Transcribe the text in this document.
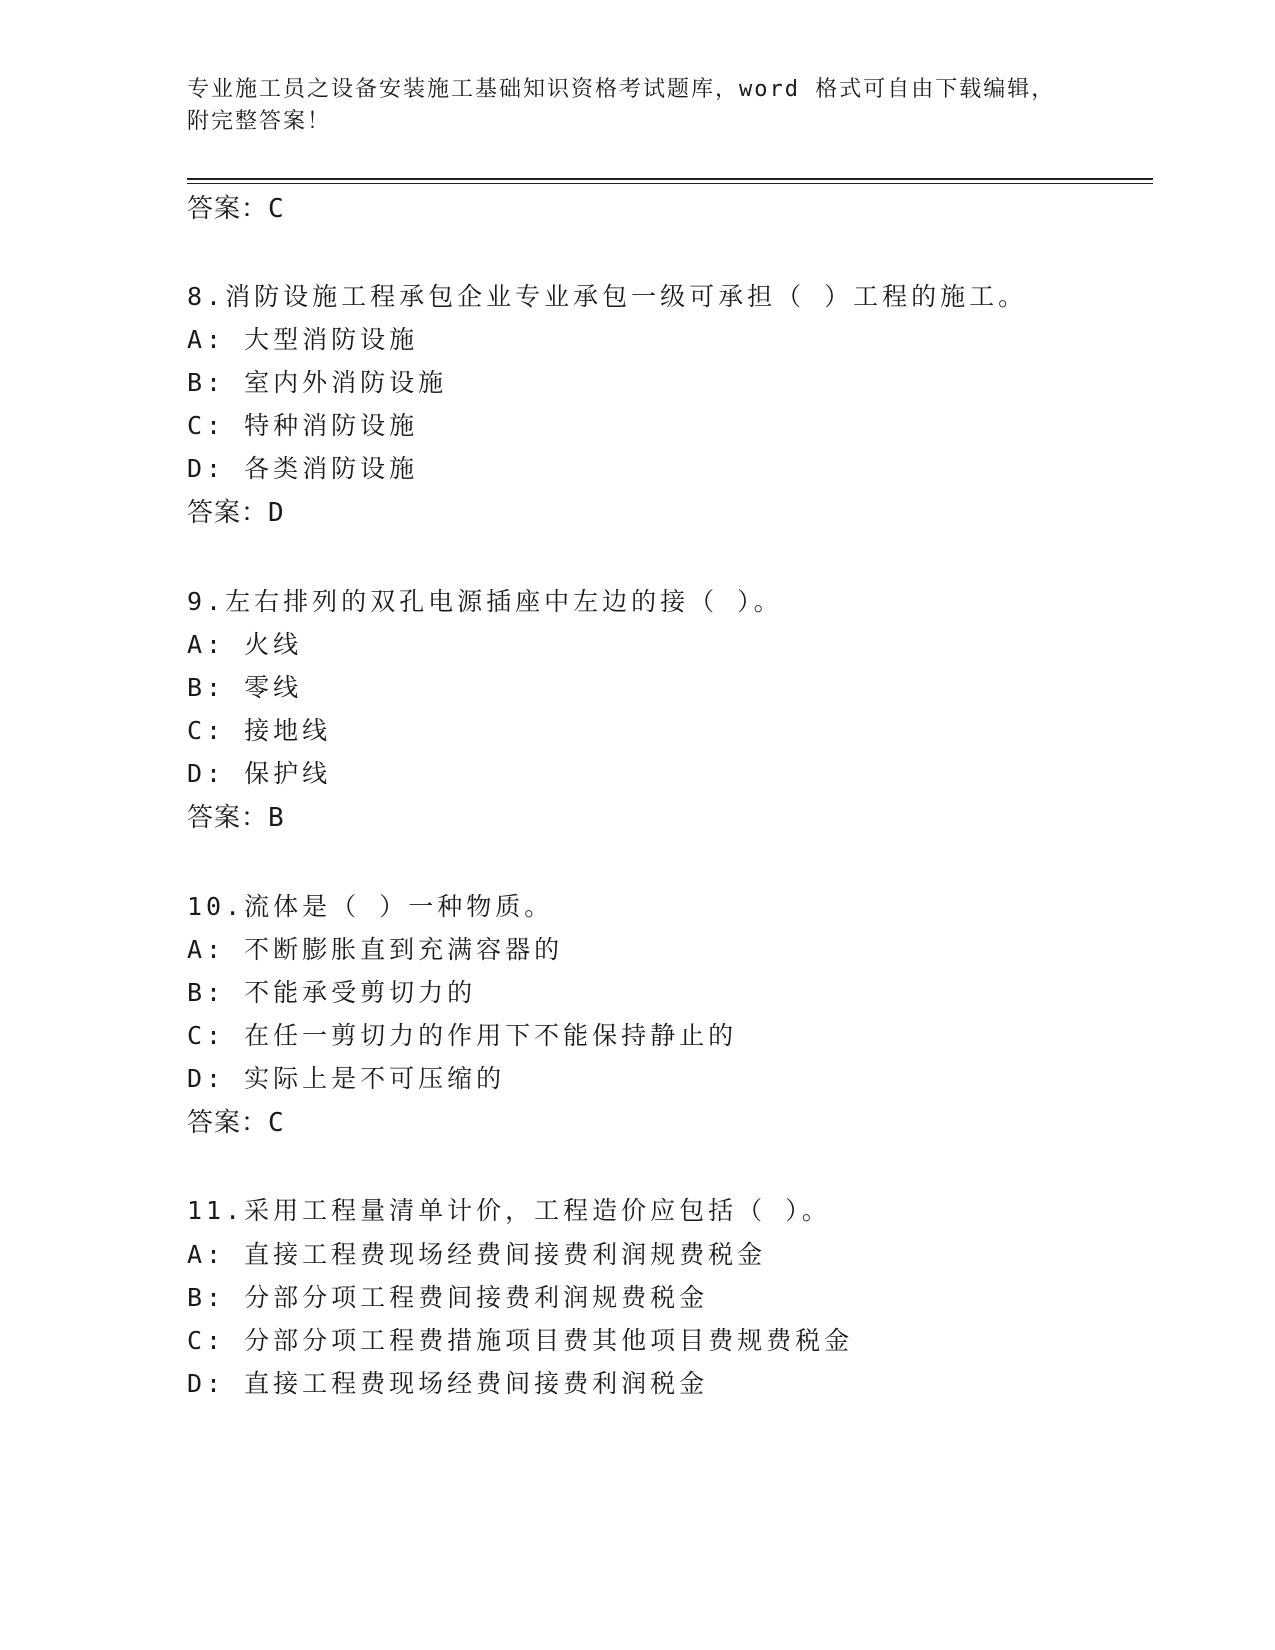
专业施工员之设备安装施工基础知识资格考试题库，word 格式可自由下载编辑，
附完整答案！
答案：C
8.消防设施工程承包企业专业承包一级可承担（ ）工程的施工。
A: 大型消防设施
B: 室内外消防设施
C: 特种消防设施
D: 各类消防设施
答案：D
9.左右排列的双孔电源插座中左边的接（ ）。
A: 火线
B: 零线
C: 接地线
D: 保护线
答案：B
10.流体是（ ）一种物质。
A: 不断膨胀直到充满容器的
B: 不能承受剪切力的
C: 在任一剪切力的作用下不能保持静止的
D: 实际上是不可压缩的
答案：C
11.采用工程量清单计价，工程造价应包括（ ）。
A: 直接工程费现场经费间接费利润规费税金
B: 分部分项工程费间接费利润规费税金
C: 分部分项工程费措施项目费其他项目费规费税金
D: 直接工程费现场经费间接费利润税金
